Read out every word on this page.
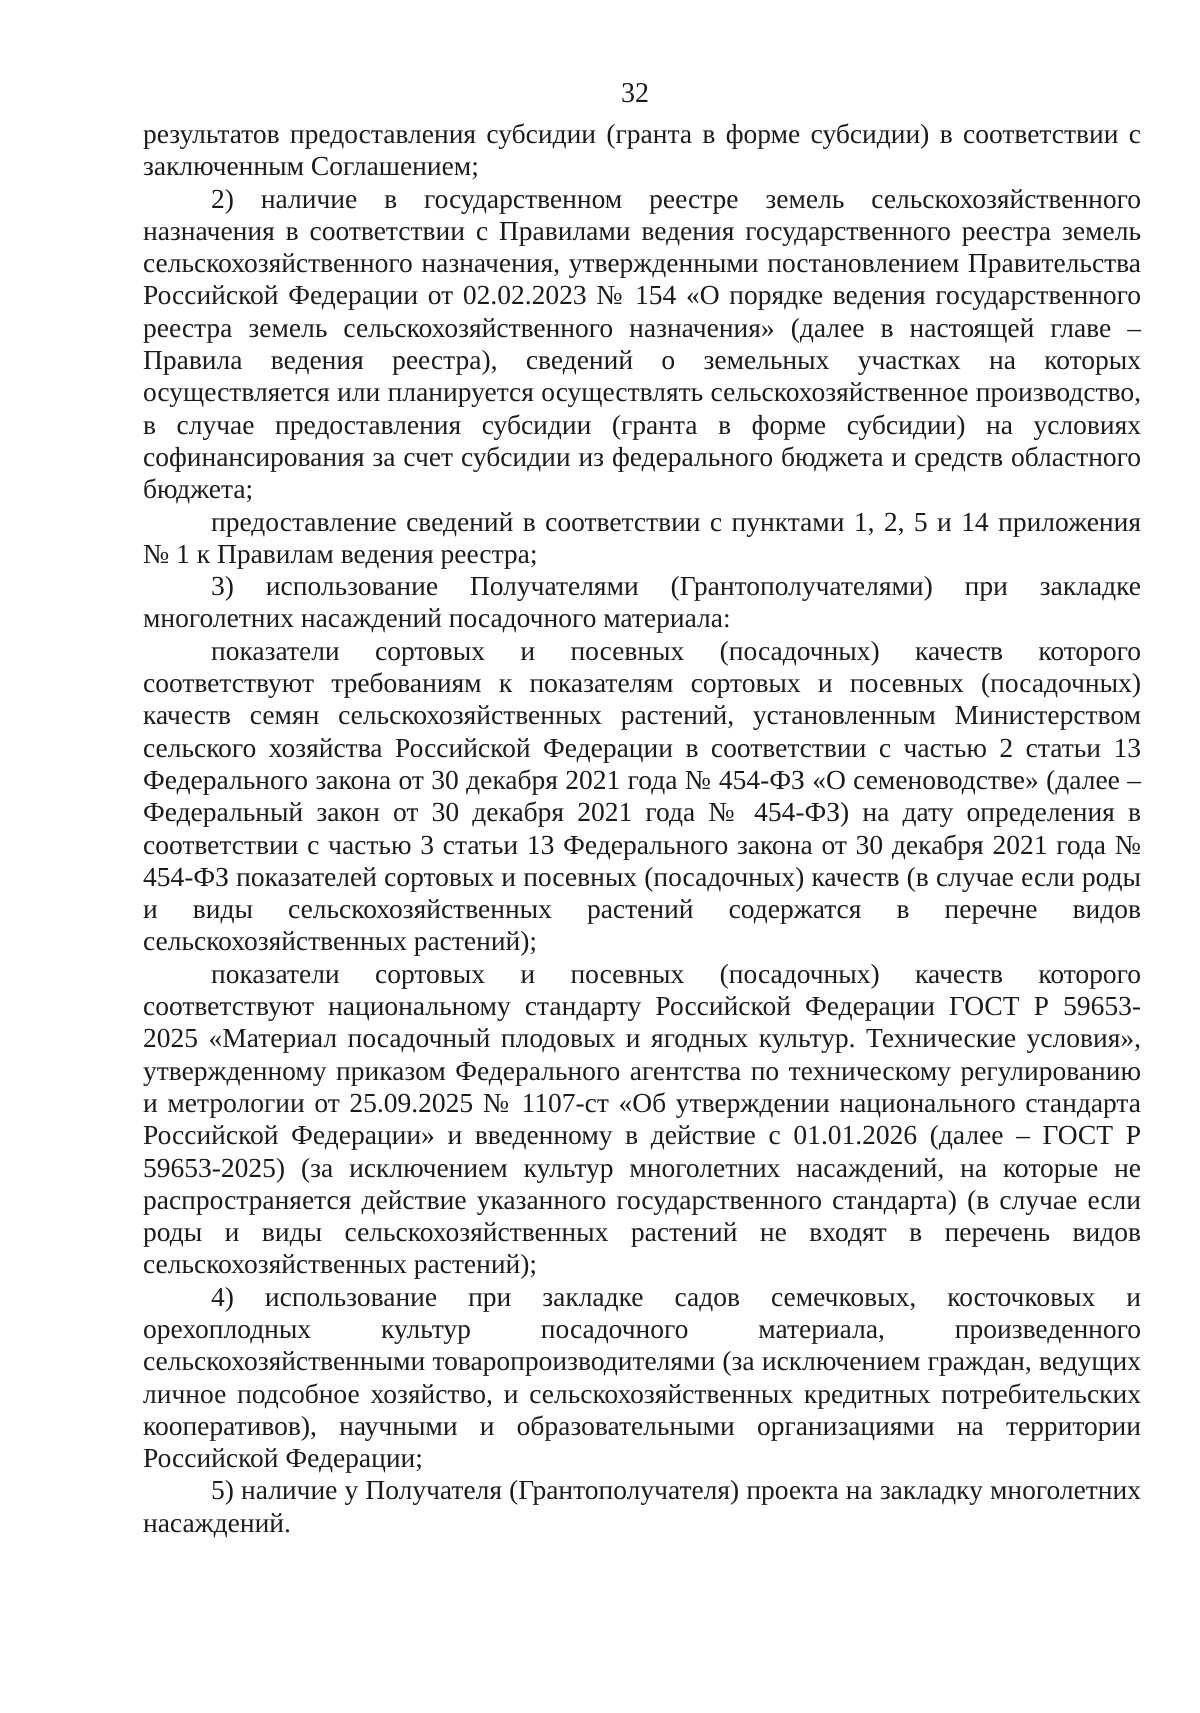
32

результатов предоставления субсидии (гранта в форме субсидии) в соответствии с заключенным Соглашением;

2) наличие в государственном реестре земель сельскохозяйственного назначения в соответствии с Правилами ведения государственного реестра земель сельскохозяйственного назначения, утвержденными постановлением Правительства Российской Федерации от 02.02.2023 № 154 «О порядке ведения государственного реестра земель сельскохозяйственного назначения» (далее в настоящей главе – Правила ведения реестра), сведений о земельных участках на которых осуществляется или планируется осуществлять сельскохозяйственное производство, в случае предоставления субсидии (гранта в форме субсидии) на условиях софинансирования за счет субсидии из федерального бюджета и средств областного бюджета;

предоставление сведений в соответствии с пунктами 1, 2, 5 и 14 приложения № 1 к Правилам ведения реестра;

3) использование Получателями (Грантополучателями) при закладке многолетних насаждений посадочного материала:

показатели сортовых и посевных (посадочных) качеств которого соответствуют требованиям к показателям сортовых и посевных (посадочных) качеств семян сельскохозяйственных растений, установленным Министерством сельского хозяйства Российской Федерации в соответствии с частью 2 статьи 13 Федерального закона от 30 декабря 2021 года № 454-ФЗ «О семеноводстве» (далее – Федеральный закон от 30 декабря 2021 года № 454-ФЗ) на дату определения в соответствии с частью 3 статьи 13 Федерального закона от 30 декабря 2021 года № 454-ФЗ показателей сортовых и посевных (посадочных) качеств (в случае если роды и виды сельскохозяйственных растений содержатся в перечне видов сельскохозяйственных растений);

показатели сортовых и посевных (посадочных) качеств которого соответствуют национальному стандарту Российской Федерации ГОСТ Р 59653-2025 «Материал посадочный плодовых и ягодных культур. Технические условия», утвержденному приказом Федерального агентства по техническому регулированию и метрологии от 25.09.2025 № 1107-ст «Об утверждении национального стандарта Российской Федерации» и введенному в действие с 01.01.2026 (далее – ГОСТ Р 59653-2025) (за исключением культур многолетних насаждений, на которые не распространяется действие указанного государственного стандарта) (в случае если роды и виды сельскохозяйственных растений не входят в перечень видов сельскохозяйственных растений);

4) использование при закладке садов семечковых, косточковых и орехоплодных культур посадочного материала, произведенного сельскохозяйственными товаропроизводителями (за исключением граждан, ведущих личное подсобное хозяйство, и сельскохозяйственных кредитных потребительских кооперативов), научными и образовательными организациями на территории Российской Федерации;

5) наличие у Получателя (Грантополучателя) проекта на закладку многолетних насаждений.
